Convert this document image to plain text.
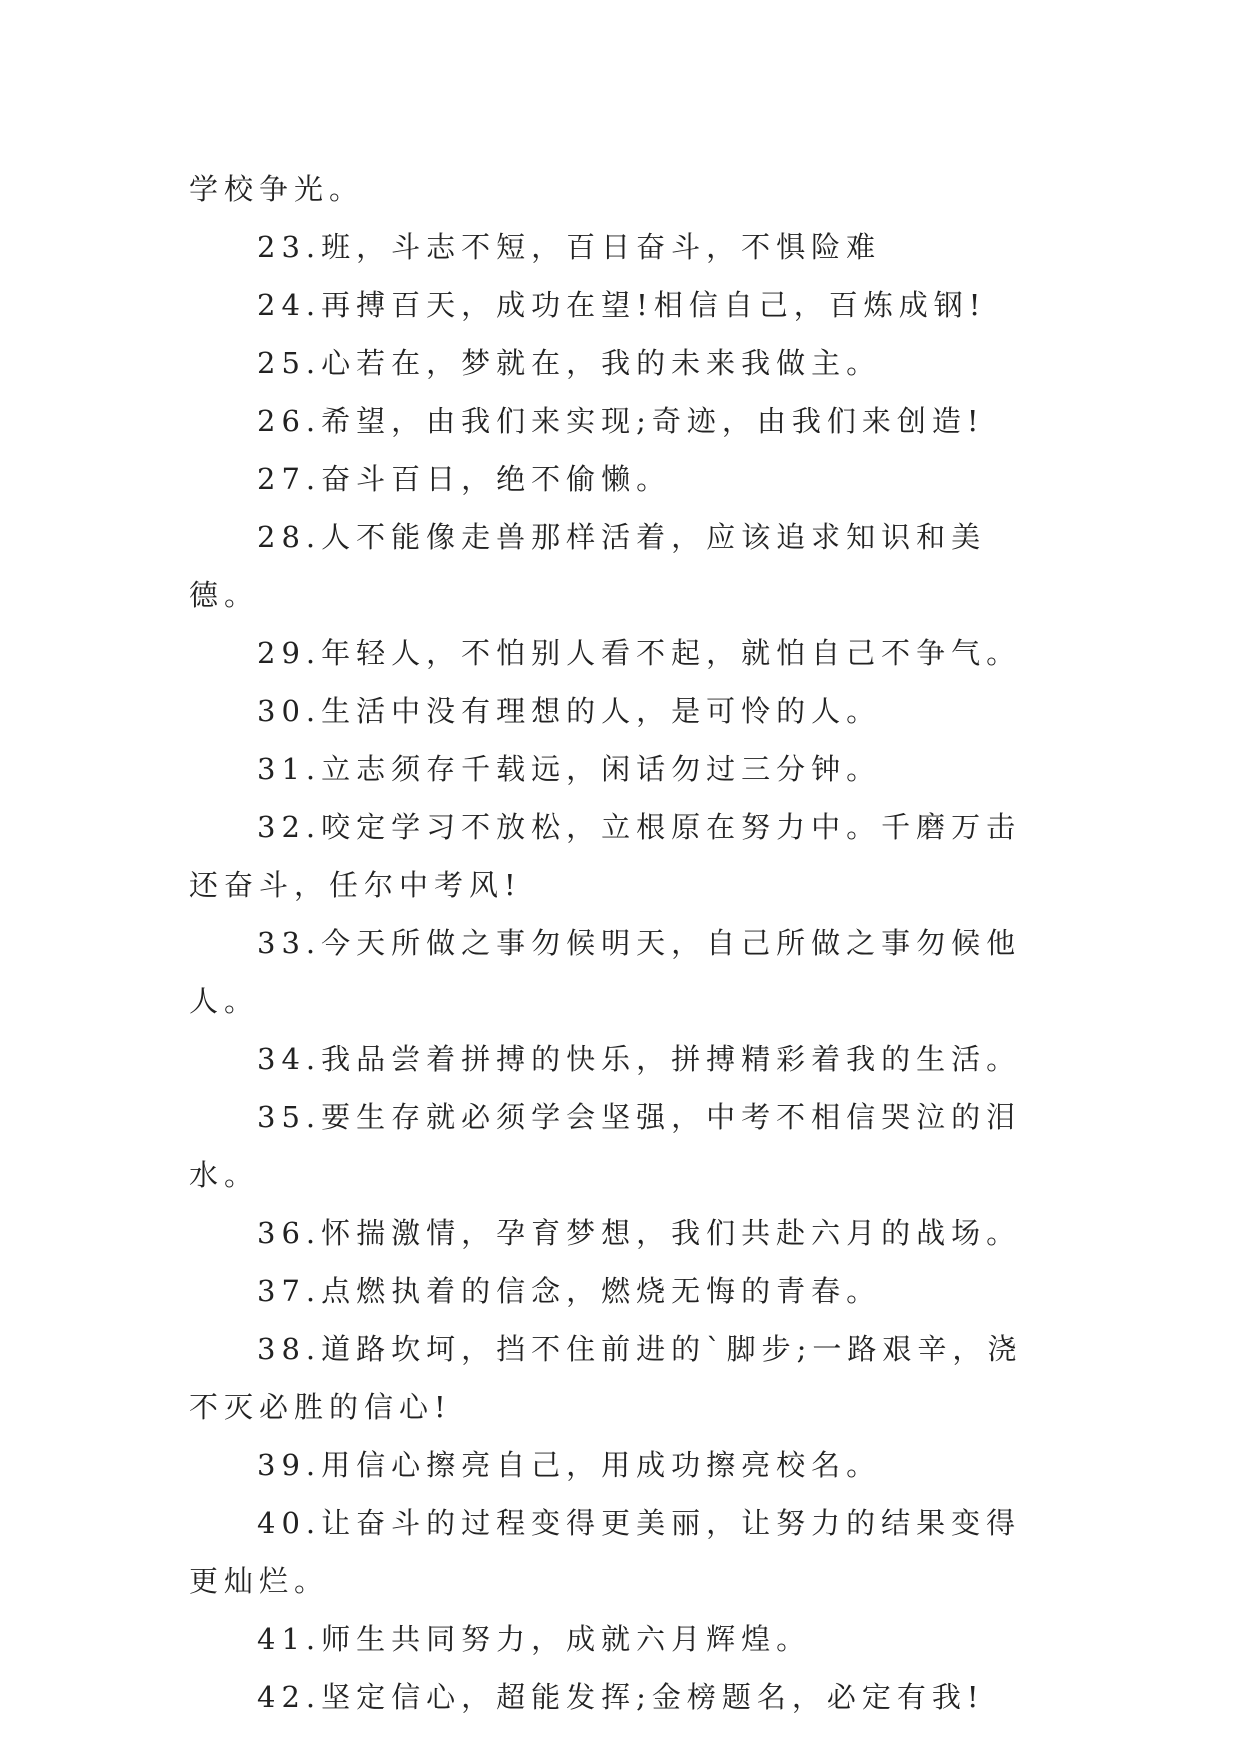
学校争光。

23.班，斗志不短，百日奋斗，不惧险难

24.再搏百天，成功在望!相信自己，百炼成钢!

25.心若在，梦就在，我的未来我做主。

26.希望，由我们来实现;奇迹，由我们来创造!

27.奋斗百日，绝不偷懒。

28.人不能像走兽那样活着，应该追求知识和美德。

29.年轻人，不怕别人看不起，就怕自己不争气。

30.生活中没有理想的人，是可怜的人。

31.立志须存千载远，闲话勿过三分钟。

32.咬定学习不放松，立根原在努力中。千磨万击还奋斗，任尔中考风!

33.今天所做之事勿候明天，自己所做之事勿候他人。

34.我品尝着拼搏的快乐，拼搏精彩着我的生活。

35.要生存就必须学会坚强，中考不相信哭泣的泪水。

36.怀揣激情，孕育梦想，我们共赴六月的战场。

37.点燃执着的信念，燃烧无悔的青春。

38.道路坎坷，挡不住前进的`脚步;一路艰辛，浇不灭必胜的信心!

39.用信心擦亮自己，用成功擦亮校名。

40.让奋斗的过程变得更美丽，让努力的结果变得更灿烂。

41.师生共同努力，成就六月辉煌。

42.坚定信心，超能发挥;金榜题名，必定有我!
